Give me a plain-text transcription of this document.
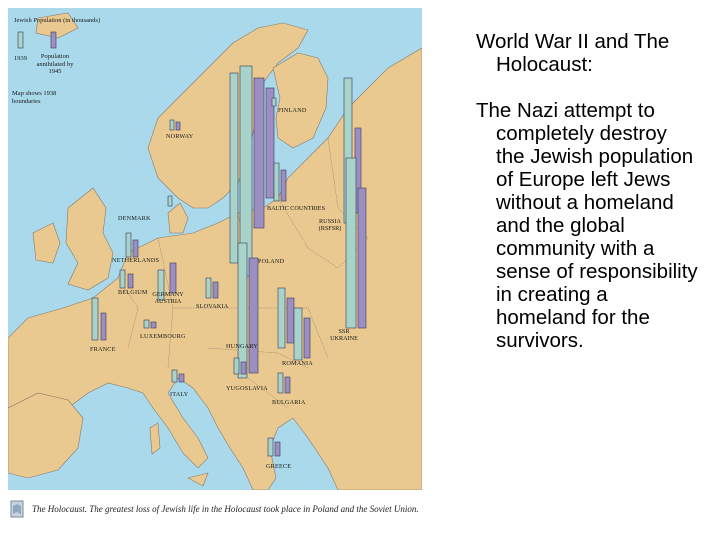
Jewish Population (in thousands)
1939	Population annihilated by 1945
Map shows 1938 boundaries
FINLAND
NORWAY
DENMARK
BALTIC COUNTRIES
RUSSIA (RSFSR)
NETHERLANDS	POLAND
BELGIUM GERMANY AUSTRIA
SLOVAKIA
LUXEMBOURG
FRANCE	HUNGARY
SSR UKRAINE
ROMANIA
YUGOSLAVIA
ITALY
BULGARIA
GREECE
The Holocaust. The greatest loss of Jewish life in the Holocaust took place in Poland and the Soviet Union.

World War II and The Holocaust:

The Nazi attempt to completely destroy the Jewish population of Europe left Jews without a homeland and the global community with a sense of responsibility in creating a homeland for the survivors.
